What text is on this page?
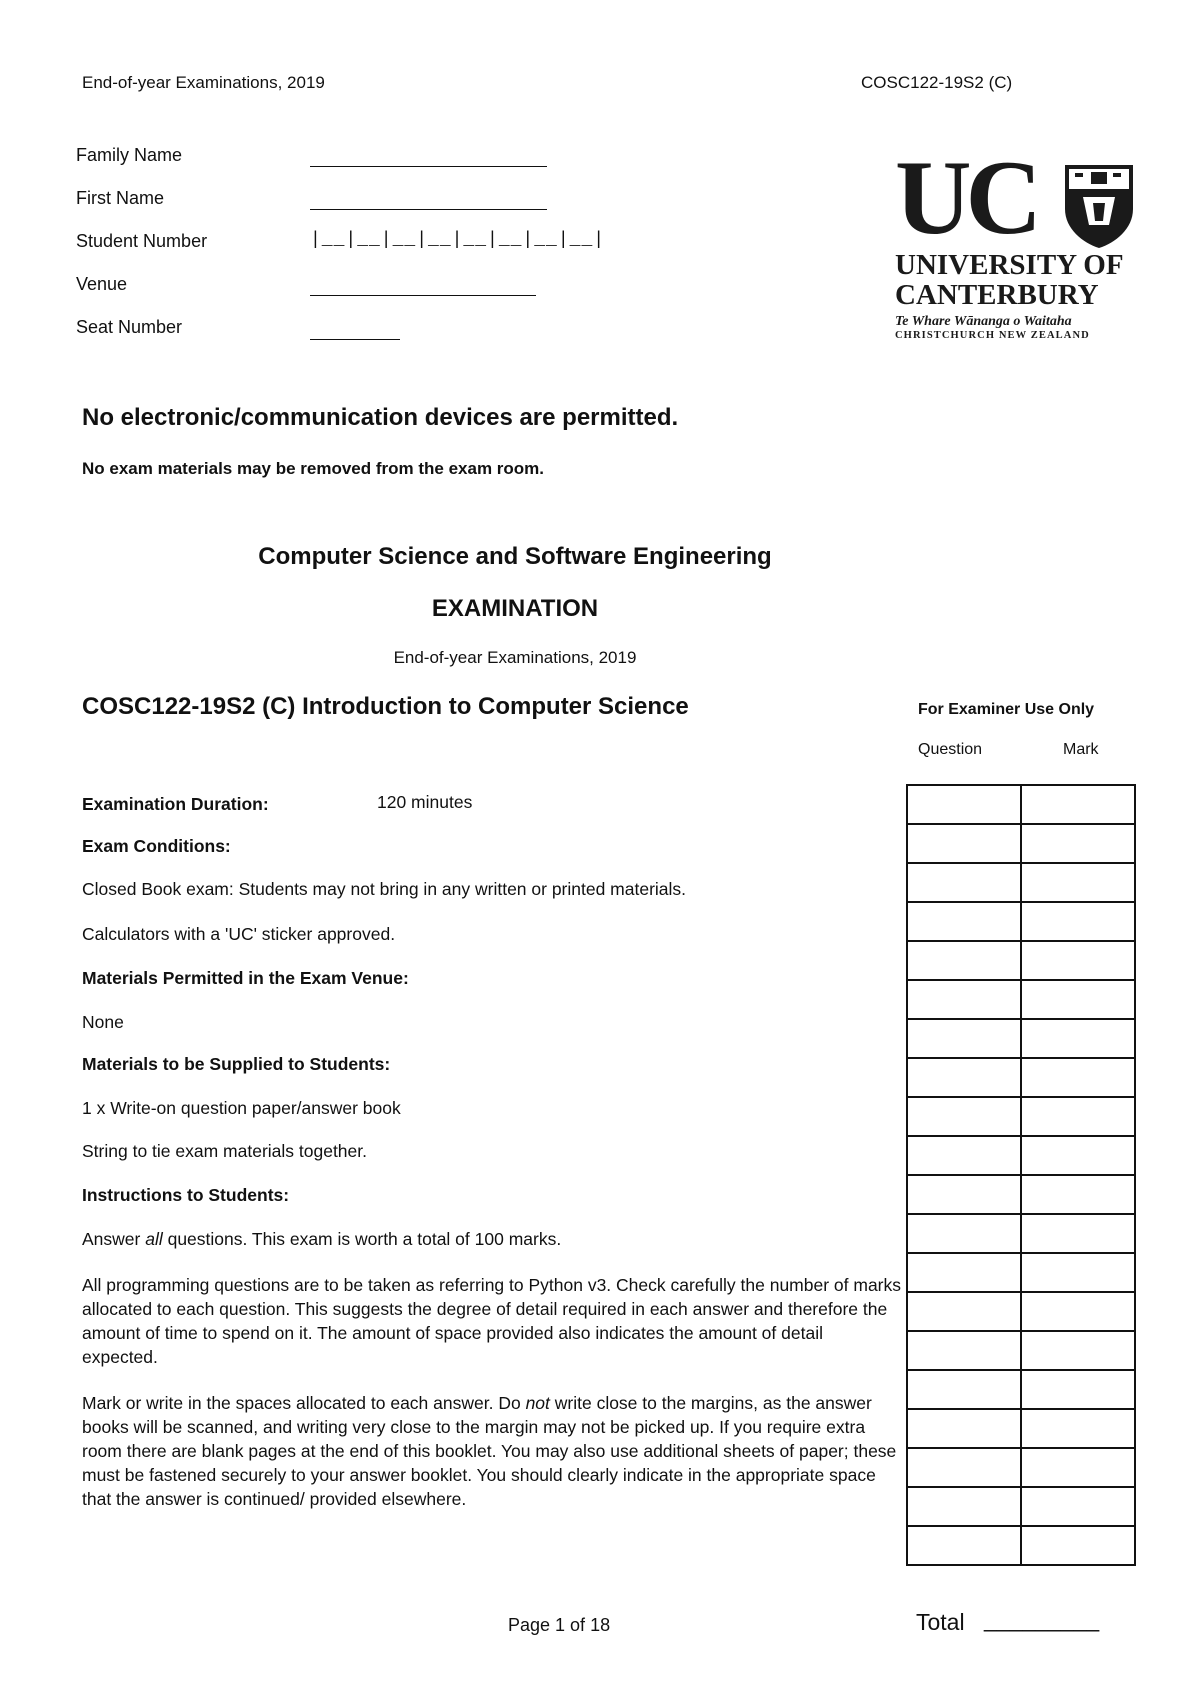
End-of-year Examinations, 2019	COSC122-19S2 (C)
Family Name
First Name
Student Number	|__|__|__|__|__|__|__|__|
Venue
Seat Number
UC
UNIVERSITY OF
CANTERBURY
Te Whare Wānanga o Waitaha
CHRISTCHURCH NEW ZEALAND
No electronic/communication devices are permitted.
No exam materials may be removed from the exam room.
Computer Science and Software Engineering
EXAMINATION
End-of-year Examinations, 2019
COSC122-19S2 (C) Introduction to Computer Science	For Examiner Use Only
Question	Mark

Total _________
Examination Duration:	120 minutes
Exam Conditions:
Closed Book exam: Students may not bring in any written or printed materials.
Calculators with a 'UC' sticker approved.
Materials Permitted in the Exam Venue:
None
Materials to be Supplied to Students:
1 x Write-on question paper/answer book
String to tie exam materials together.
Instructions to Students:
Answer all questions. This exam is worth a total of 100 marks.
All programming questions are to be taken as referring to Python v3. Check carefully the number of marks allocated to each question. This suggests the degree of detail required in each answer and therefore the amount of time to spend on it. The amount of space provided also indicates the amount of detail expected.
Mark or write in the spaces allocated to each answer. Do not write close to the margins, as the answer books will be scanned, and writing very close to the margin may not be picked up. If you require extra room there are blank pages at the end of this booklet. You may also use additional sheets of paper; these must be fastened securely to your answer booklet. You should clearly indicate in the appropriate space that the answer is continued/ provided elsewhere.
Page 1 of 18
